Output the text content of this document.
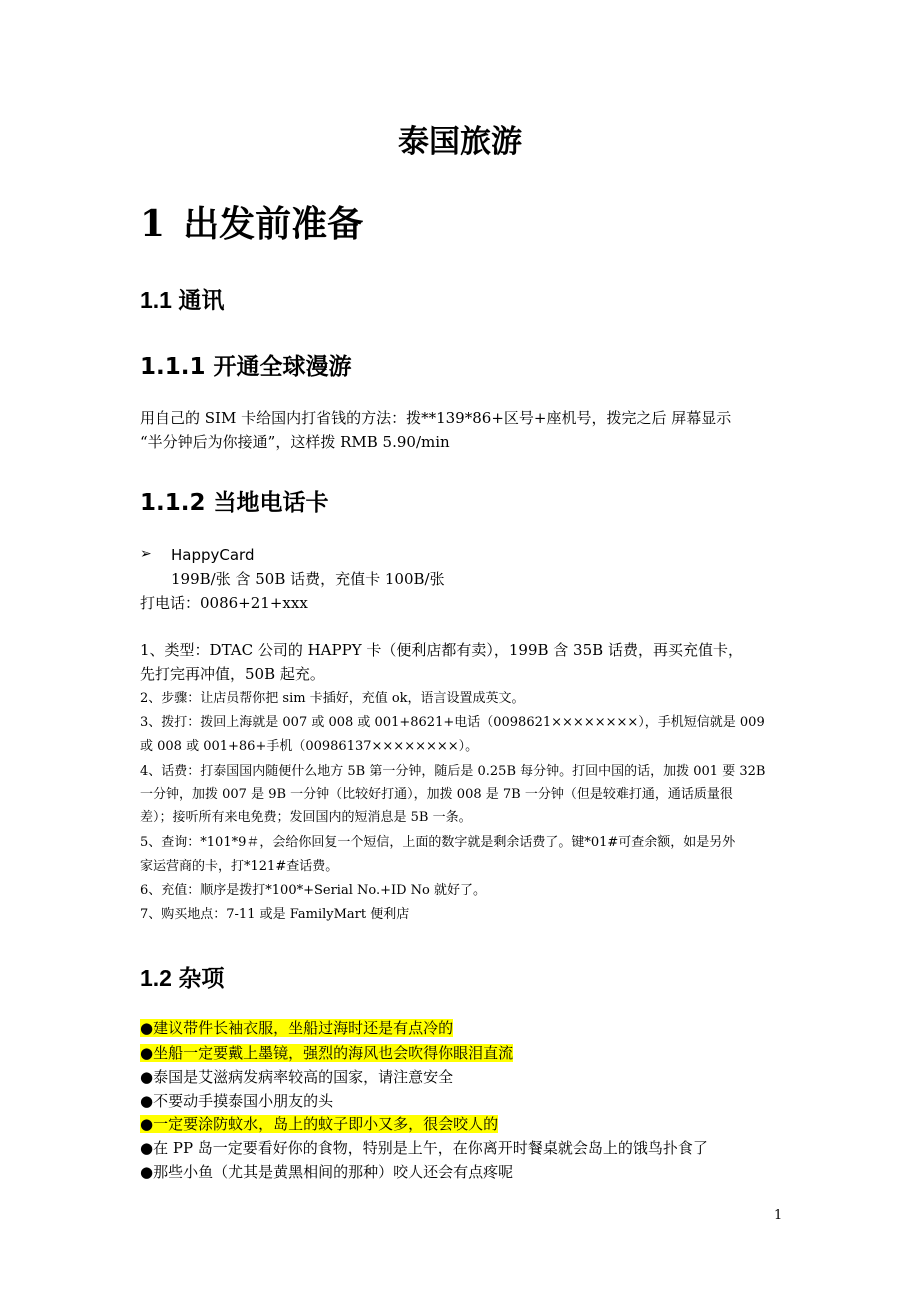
泰国旅游
1 出发前准备
1.1 通讯
1.1.1 开通全球漫游
用自己的 SIM 卡给国内打省钱的方法：拨**139*86+区号+座机号，拨完之后 屏幕显示
“半分钟后为你接通”，这样拨 RMB 5.90/min
1.1.2 当地电话卡
➢ HappyCard
199B/张 含 50B 话费，充值卡 100B/张
打电话：0086+21+xxx
1、类型：DTAC 公司的 HAPPY 卡（便利店都有卖），199B 含 35B 话费，再买充值卡，
先打完再冲值，50B 起充。
2、步骤：让店员帮你把 sim 卡插好，充值 ok，语言设置成英文。
3、拨打：拨回上海就是 007 或 008 或 001+8621+电话（0098621××××××××），手机短信就是 009
或 008 或 001+86+手机（00986137××××××××）。
4、话费：打泰国国内随便什么地方 5B 第一分钟，随后是 0.25B 每分钟。打回中国的话，加拨 001 要 32B
一分钟，加拨 007 是 9B 一分钟（比较好打通），加拨 008 是 7B 一分钟（但是较难打通，通话质量很
差）；接听所有来电免费；发回国内的短消息是 5B 一条。
5、查询：*101*9＃，会给你回复一个短信，上面的数字就是剩余话费了。键*01#可查余额，如是另外
家运营商的卡，打*121#查话费。
6、充值：顺序是拨打*100*+Serial No.+ID No 就好了。
7、购买地点：7-11 或是 FamilyMart 便利店
1.2 杂项
●建议带件长袖衣服，坐船过海时还是有点冷的
●坐船一定要戴上墨镜，强烈的海风也会吹得你眼泪直流
●泰国是艾滋病发病率较高的国家，请注意安全
●不要动手摸泰国小朋友的头
●一定要涂防蚊水，岛上的蚊子即小又多，很会咬人的
●在 PP 岛一定要看好你的食物，特别是上午，在你离开时餐桌就会岛上的饿鸟扑食了
●那些小鱼（尤其是黄黑相间的那种）咬人还会有点疼呢
1
